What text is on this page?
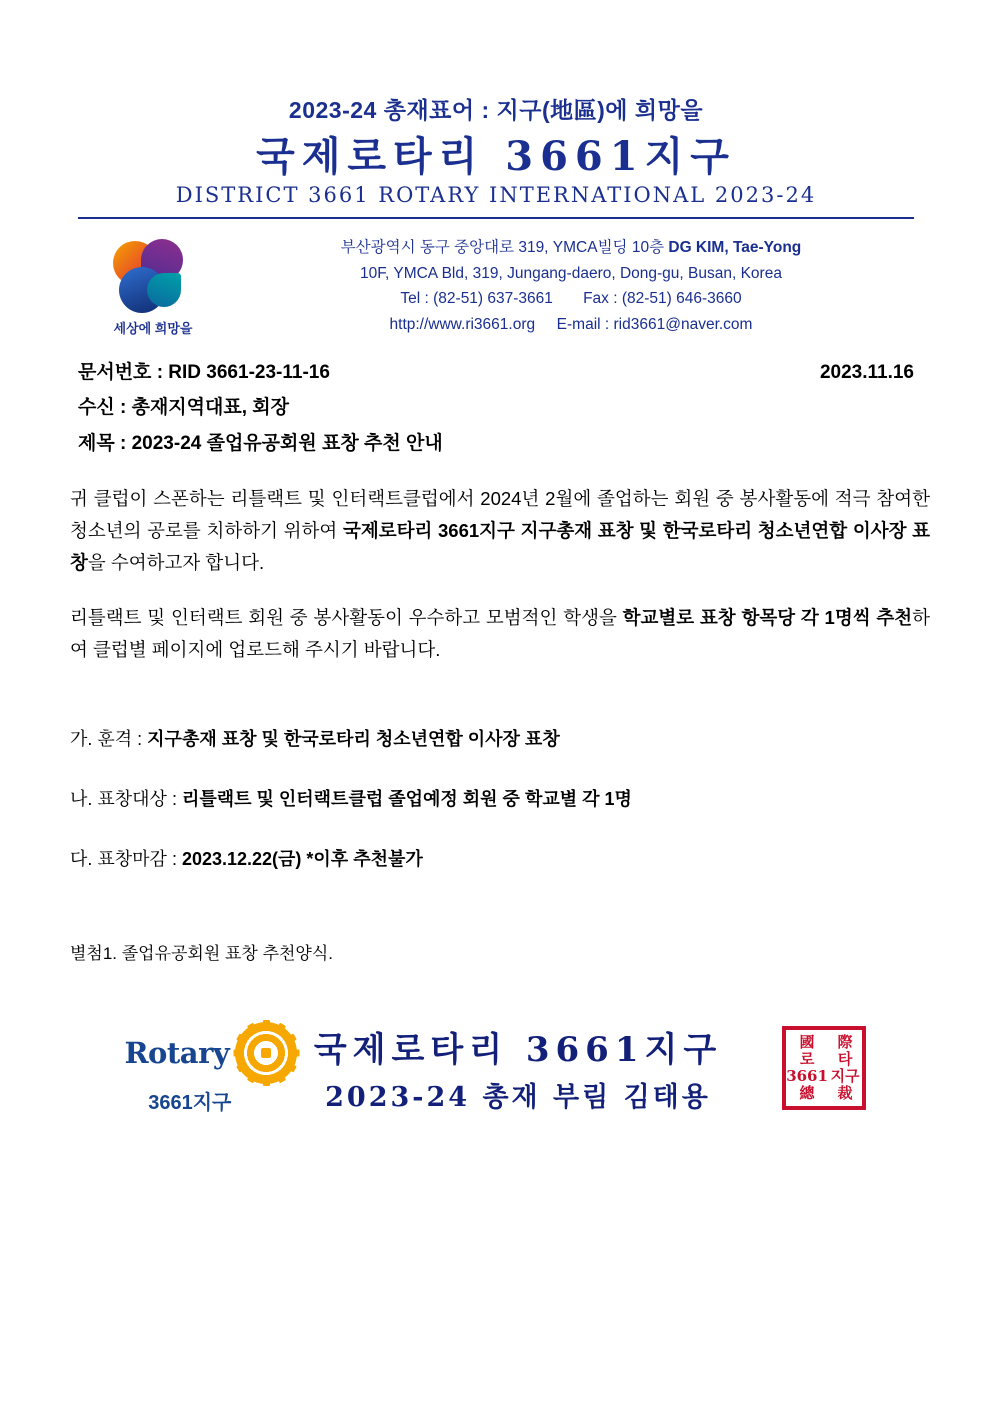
2023-24 총재표어 : 지구(地區)에 희망을
국제로타리 3661지구
DISTRICT 3661 ROTARY INTERNATIONAL 2023-24
세상에 희망을
부산광역시 동구 중앙대로 319, YMCA빌딩 10층 DG KIM, Tae-Yong
10F, YMCA Bld, 319, Jungang-daero, Dong-gu, Busan, Korea
Tel : (82-51) 637-3661 Fax : (82-51) 646-3660
http://www.ri3661.org E-mail : rid3661@naver.com
문서번호 : RID 3661-23-11-16	2023.11.16
수신 : 총재지역대표, 회장
제목 : 2023-24 졸업유공회원 표창 추천 안내

귀 클럽이 스폰하는 리틀랙트 및 인터랙트클럽에서 2024년 2월에 졸업하는 회원 중 봉사활동에 적극 참여한 청소년의 공로를 치하하기 위하여 국제로타리 3661지구 지구총재 표창 및 한국로타리 청소년연합 이사장 표창을 수여하고자 합니다.

리틀랙트 및 인터랙트 회원 중 봉사활동이 우수하고 모범적인 학생을 학교별로 표창 항목당 각 1명씩 추천하여 클럽별 페이지에 업로드해 주시기 바랍니다.

가. 훈격 : 지구총재 표창 및 한국로타리 청소년연합 이사장 표창
나. 표창대상 : 리틀랙트 및 인터랙트클럽 졸업예정 회원 중 학교별 각 1명
다. 표창마감 : 2023.12.22(금) *이후 추천불가
별첨1. 졸업유공회원 표창 추천양식.
Rotary
3661지구
국제로타리 3661지구
2023-24 총재 부림 김태용
國 際
로 타
3661 지구
總 裁
